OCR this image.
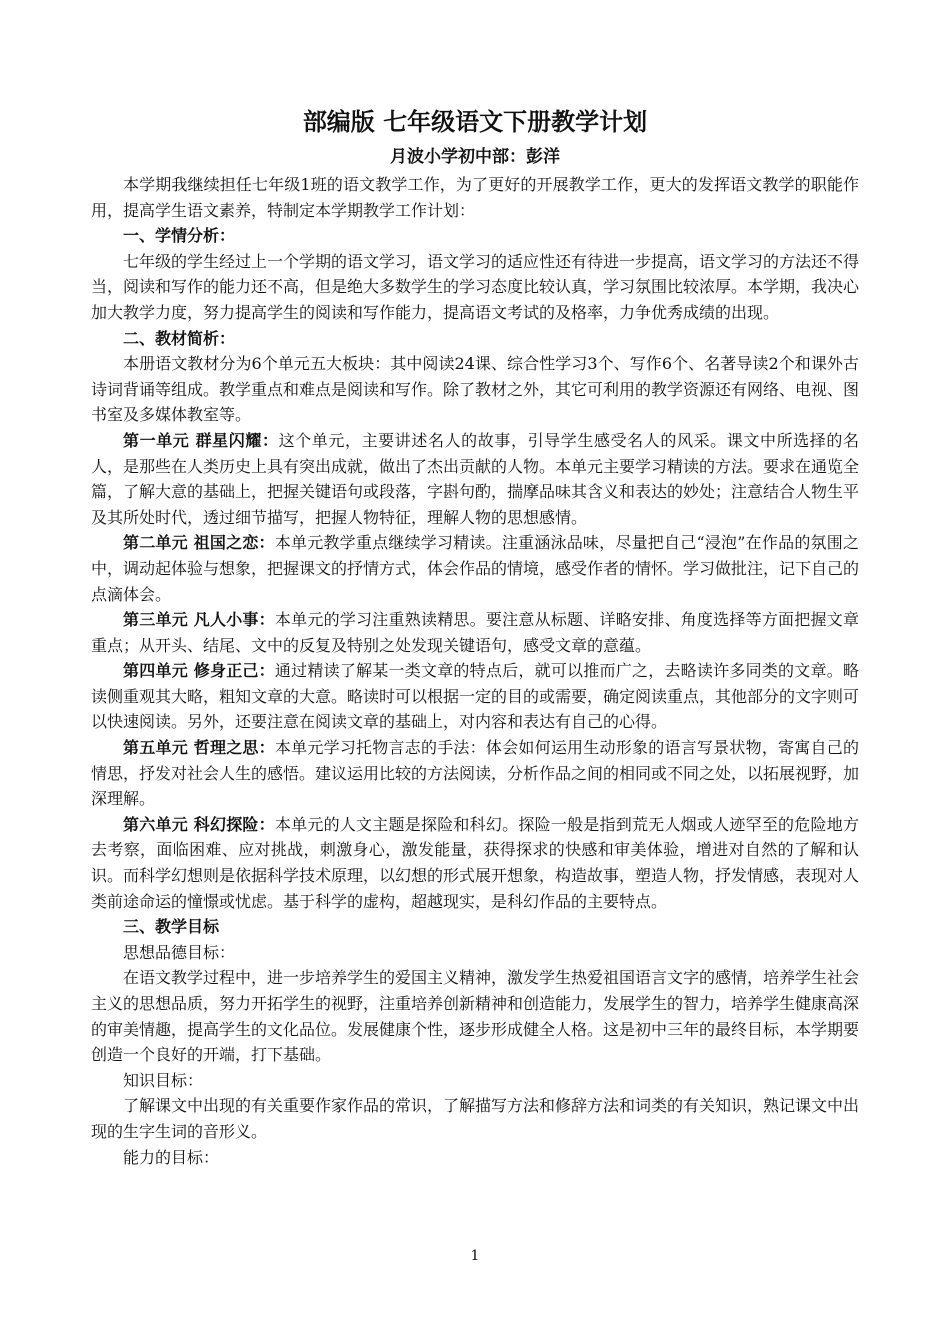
部编版 七年级语文下册教学计划
月波小学初中部：彭洋

本学期我继续担任七年级1班的语文教学工作，为了更好的开展教学工作，更大的发挥语文教学的职能作用，提高学生语文素养，特制定本学期教学工作计划：

一、学情分析：

七年级的学生经过上一个学期的语文学习，语文学习的适应性还有待进一步提高，语文学习的方法还不得当，阅读和写作的能力还不高，但是绝大多数学生的学习态度比较认真，学习氛围比较浓厚。本学期，我决心加大教学力度，努力提高学生的阅读和写作能力，提高语文考试的及格率，力争优秀成绩的出现。

二、教材简析：

本册语文教材分为6个单元五大板块：其中阅读24课、综合性学习3个、写作6个、名著导读2个和课外古诗词背诵等组成。教学重点和难点是阅读和写作。除了教材之外，其它可利用的教学资源还有网络、电视、图书室及多媒体教室等。

第一单元 群星闪耀：这个单元，主要讲述名人的故事，引导学生感受名人的风采。课文中所选择的名人，是那些在人类历史上具有突出成就，做出了杰出贡献的人物。本单元主要学习精读的方法。要求在通览全篇，了解大意的基础上，把握关键语句或段落，字斟句酌，揣摩品味其含义和表达的妙处；注意结合人物生平及其所处时代，透过细节描写，把握人物特征，理解人物的思想感情。

第二单元 祖国之恋：本单元教学重点继续学习精读。注重涵泳品味，尽量把自己“浸泡”在作品的氛围之中，调动起体验与想象，把握课文的抒情方式，体会作品的情境，感受作者的情怀。学习做批注，记下自己的点滴体会。

第三单元 凡人小事：本单元的学习注重熟读精思。要注意从标题、详略安排、角度选择等方面把握文章重点；从开头、结尾、文中的反复及特别之处发现关键语句，感受文章的意蕴。

第四单元 修身正己：通过精读了解某一类文章的特点后，就可以推而广之，去略读许多同类的文章。略读侧重观其大略，粗知文章的大意。略读时可以根据一定的目的或需要，确定阅读重点，其他部分的文字则可以快速阅读。另外，还要注意在阅读文章的基础上，对内容和表达有自己的心得。

第五单元 哲理之思：本单元学习托物言志的手法：体会如何运用生动形象的语言写景状物，寄寓自己的情思，抒发对社会人生的感悟。建议运用比较的方法阅读，分析作品之间的相同或不同之处，以拓展视野，加深理解。

第六单元 科幻探险：本单元的人文主题是探险和科幻。探险一般是指到荒无人烟或人迹罕至的危险地方去考察，面临困难、应对挑战，刺激身心，激发能量，获得探求的快感和审美体验，增进对自然的了解和认识。而科学幻想则是依据科学技术原理，以幻想的形式展开想象，构造故事，塑造人物，抒发情感，表现对人类前途命运的憧憬或忧虑。基于科学的虚构，超越现实，是科幻作品的主要特点。

三、教学目标

思想品德目标：

在语文教学过程中，进一步培养学生的爱国主义精神，激发学生热爱祖国语言文字的感情，培养学生社会主义的思想品质，努力开拓学生的视野，注重培养创新精神和创造能力，发展学生的智力，培养学生健康高深的审美情趣，提高学生的文化品位。发展健康个性，逐步形成健全人格。这是初中三年的最终目标，本学期要创造一个良好的开端，打下基础。

知识目标：

了解课文中出现的有关重要作家作品的常识，了解描写方法和修辞方法和词类的有关知识，熟记课文中出现的生字生词的音形义。

能力的目标：

1
